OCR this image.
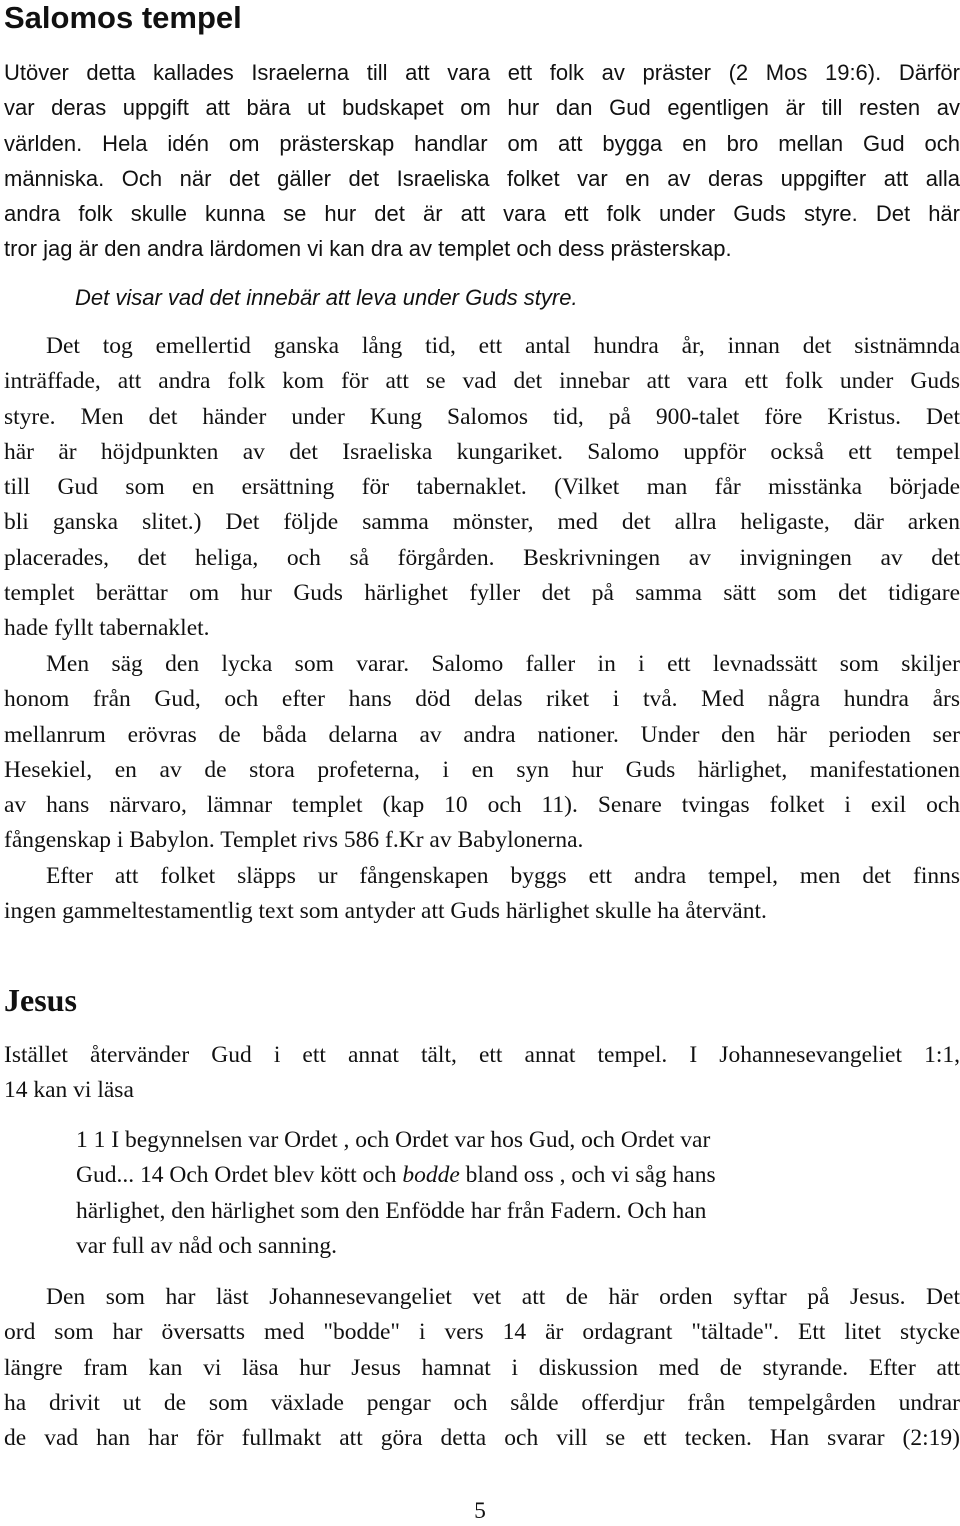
Salomos tempel
Utöver detta kallades Israelerna till att vara ett folk av präster (2 Mos 19:6). Därför
var deras uppgift att bära ut budskapet om hur dan Gud egentligen är till resten av
världen. Hela idén om prästerskap handlar om att bygga en bro mellan Gud och
människa. Och när det gäller det Israeliska folket var en av deras uppgifter att alla
andra folk skulle kunna se hur det är att vara ett folk under Guds styre. Det här
tror jag är den andra lärdomen vi kan dra av templet och dess prästerskap.
Det visar vad det innebär att leva under Guds styre.
Det tog emellertid ganska lång tid, ett antal hundra år, innan det sistnämnda
inträffade, att andra folk kom för att se vad det innebar att vara ett folk under Guds
styre. Men det händer under Kung Salomos tid, på 900-talet före Kristus. Det
här är höjdpunkten av det Israeliska kungariket. Salomo uppför också ett tempel
till Gud som en ersättning för tabernaklet. (Vilket man får misstänka började
bli ganska slitet.) Det följde samma mönster, med det allra heligaste, där arken
placerades, det heliga, och så förgården. Beskrivningen av invigningen av det
templet berättar om hur Guds härlighet fyller det på samma sätt som det tidigare
hade fyllt tabernaklet.
Men säg den lycka som varar. Salomo faller in i ett levnadssätt som skiljer
honom från Gud, och efter hans död delas riket i två. Med några hundra års
mellanrum erövras de båda delarna av andra nationer. Under den här perioden ser
Hesekiel, en av de stora profeterna, i en syn hur Guds härlighet, manifestationen
av hans närvaro, lämnar templet (kap 10 och 11). Senare tvingas folket i exil och
fångenskap i Babylon. Templet rivs 586 f.Kr av Babylonerna.
Efter att folket släpps ur fångenskapen byggs ett andra tempel, men det finns
ingen gammeltestamentlig text som antyder att Guds härlighet skulle ha återvänt.
Jesus
Istället återvänder Gud i ett annat tält, ett annat tempel. I Johannesevangeliet 1:1,
14 kan vi läsa
1 1 I begynnelsen var Ordet , och Ordet var hos Gud, och Ordet var
Gud... 14 Och Ordet blev kött och bodde bland oss , och vi såg hans
härlighet, den härlighet som den Enfödde har från Fadern. Och han
var full av nåd och sanning.
Den som har läst Johannesevangeliet vet att de här orden syftar på Jesus. Det
ord som har översatts med "bodde" i vers 14 är ordagrant "tältade". Ett litet stycke
längre fram kan vi läsa hur Jesus hamnat i diskussion med de styrande. Efter att
ha drivit ut de som växlade pengar och sålde offerdjur från tempelgården undrar
de vad han har för fullmakt att göra detta och vill se ett tecken. Han svarar (2:19)
5
